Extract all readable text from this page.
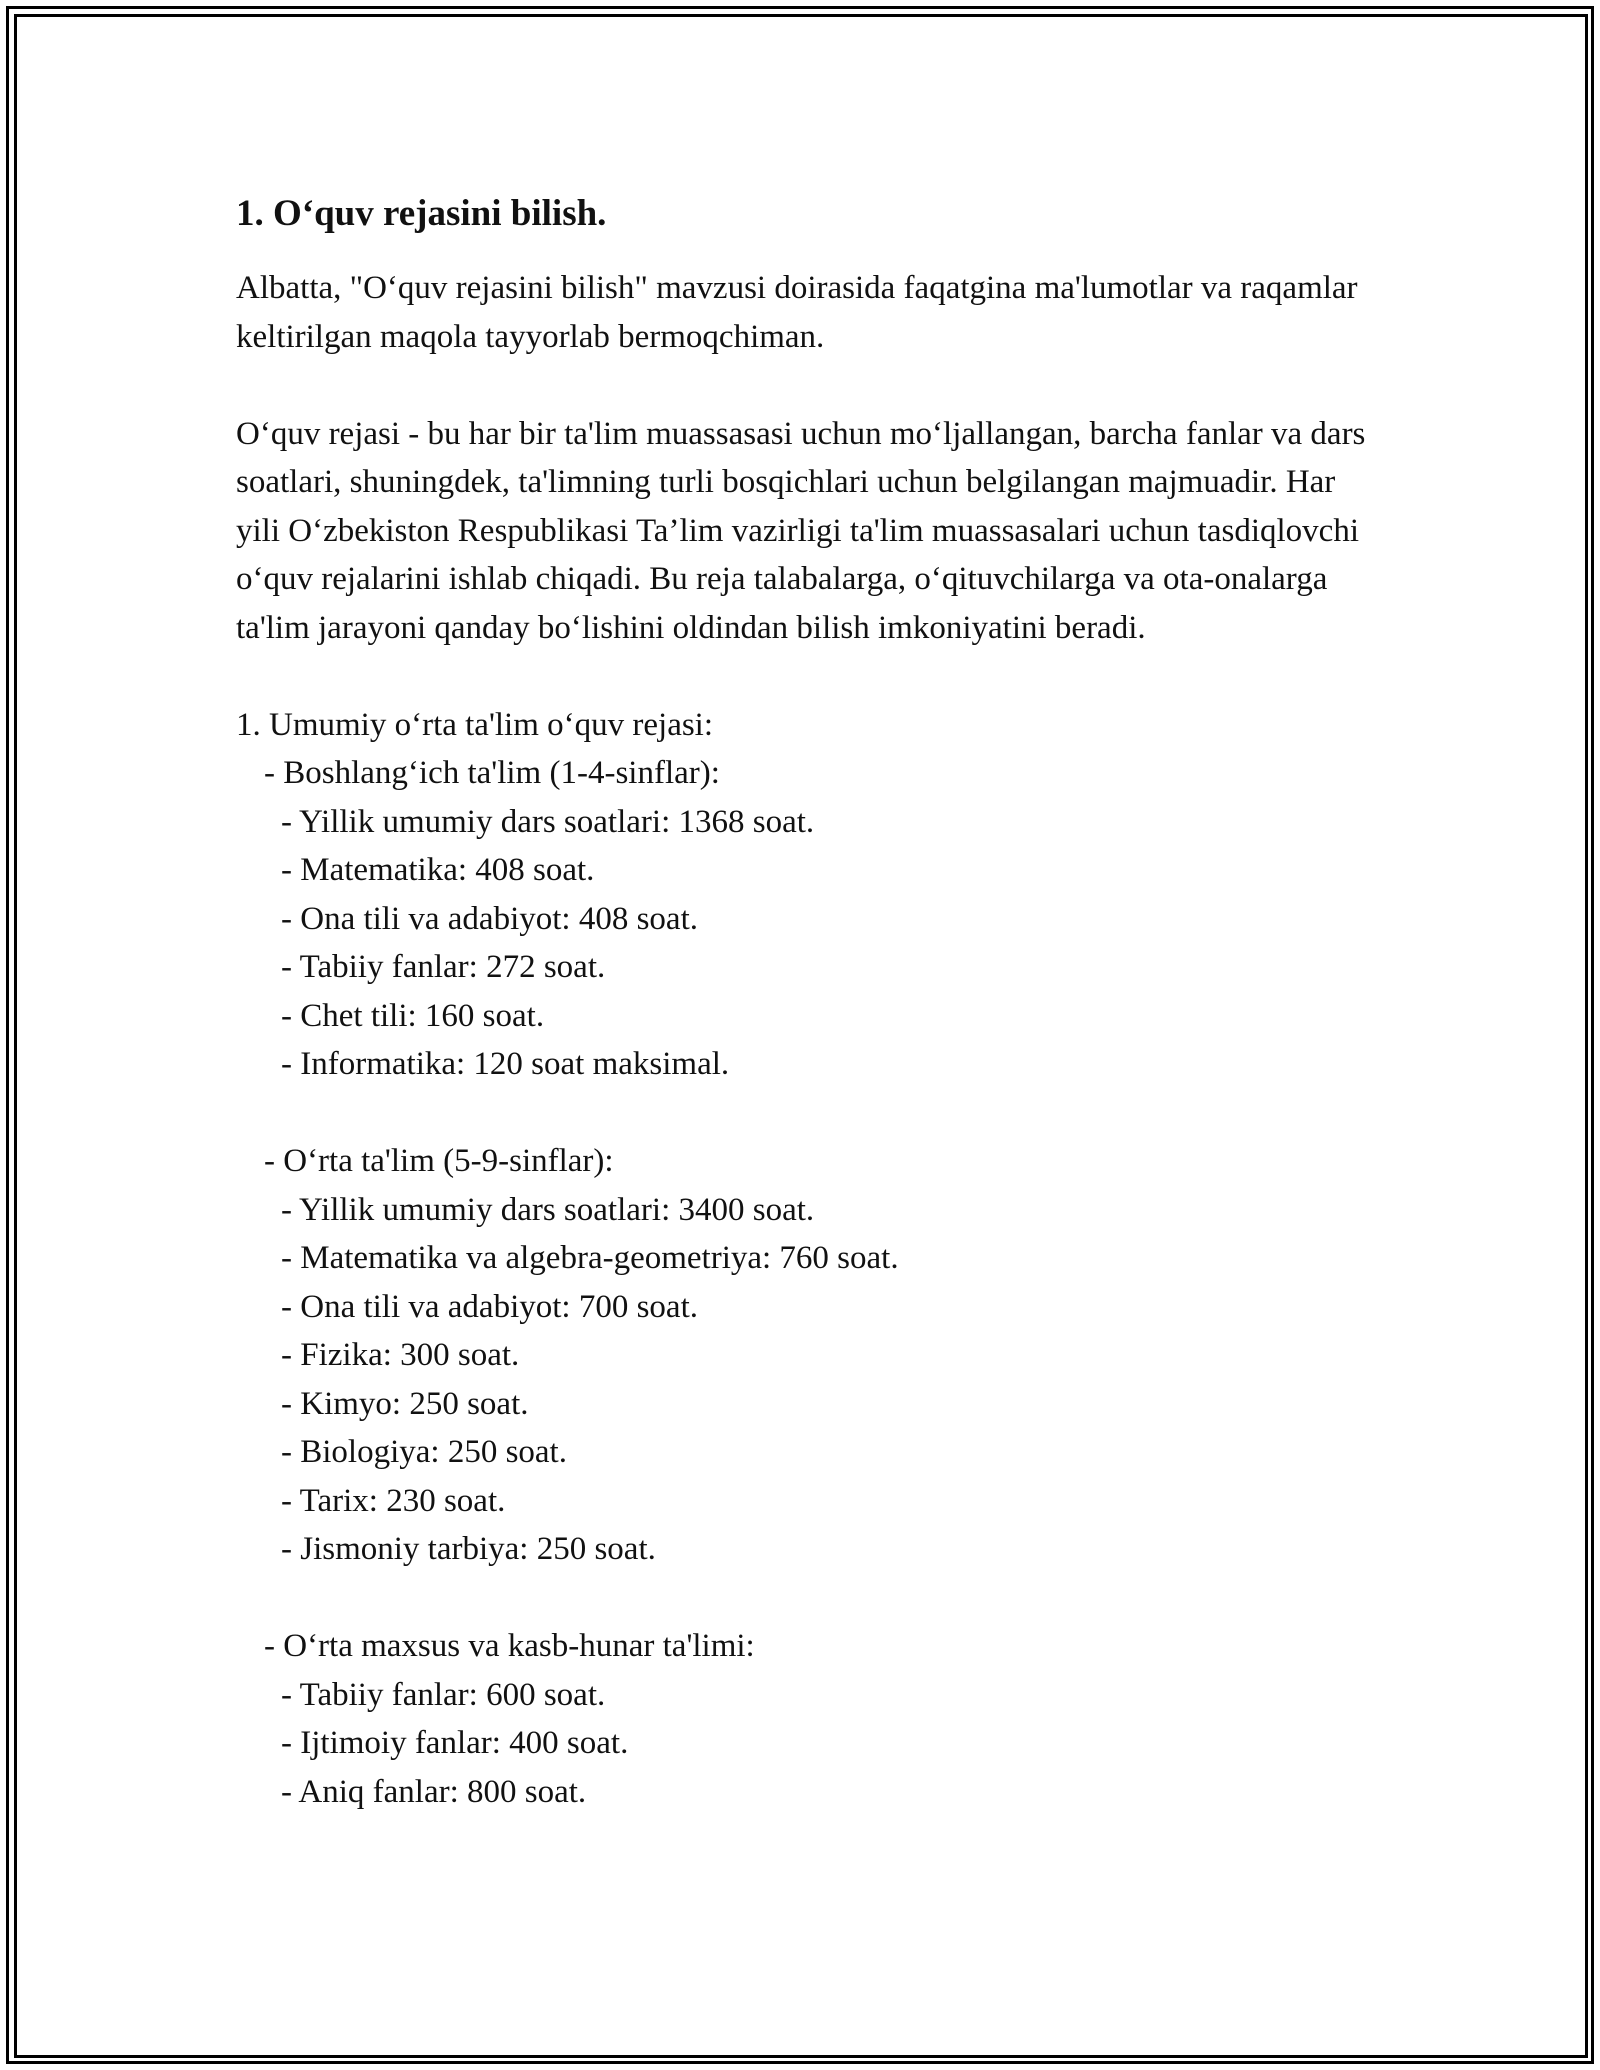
1. Oʻquv rejasini bilish.

Albatta, "Oʻquv rejasini bilish" mavzusi doirasida faqatgina ma'lumotlar va raqamlar keltirilgan maqola tayyorlab bermoqchiman.

Oʻquv rejasi - bu har bir ta'lim muassasasi uchun moʻljallangan, barcha fanlar va dars soatlari, shuningdek, ta'limning turli bosqichlari uchun belgilangan majmuadir. Har yili Oʻzbekiston Respublikasi Ta’lim vazirligi ta'lim muassasalari uchun tasdiqlovchi oʻquv rejalarini ishlab chiqadi. Bu reja talabalarga, oʻqituvchilarga va ota-onalarga ta'lim jarayoni qanday boʻlishini oldindan bilish imkoniyatini beradi.

1. Umumiy oʻrta ta'lim oʻquv rejasi:
- Boshlangʻich ta'lim (1-4-sinflar):
- Yillik umumiy dars soatlari: 1368 soat.
- Matematika: 408 soat.
- Ona tili va adabiyot: 408 soat.
- Tabiiy fanlar: 272 soat.
- Chet tili: 160 soat.
- Informatika: 120 soat maksimal.
- Oʻrta ta'lim (5-9-sinflar):
- Yillik umumiy dars soatlari: 3400 soat.
- Matematika va algebra-geometriya: 760 soat.
- Ona tili va adabiyot: 700 soat.
- Fizika: 300 soat.
- Kimyo: 250 soat.
- Biologiya: 250 soat.
- Tarix: 230 soat.
- Jismoniy tarbiya: 250 soat.
- Oʻrta maxsus va kasb-hunar ta'limi:
- Tabiiy fanlar: 600 soat.
- Ijtimoiy fanlar: 400 soat.
- Aniq fanlar: 800 soat.
